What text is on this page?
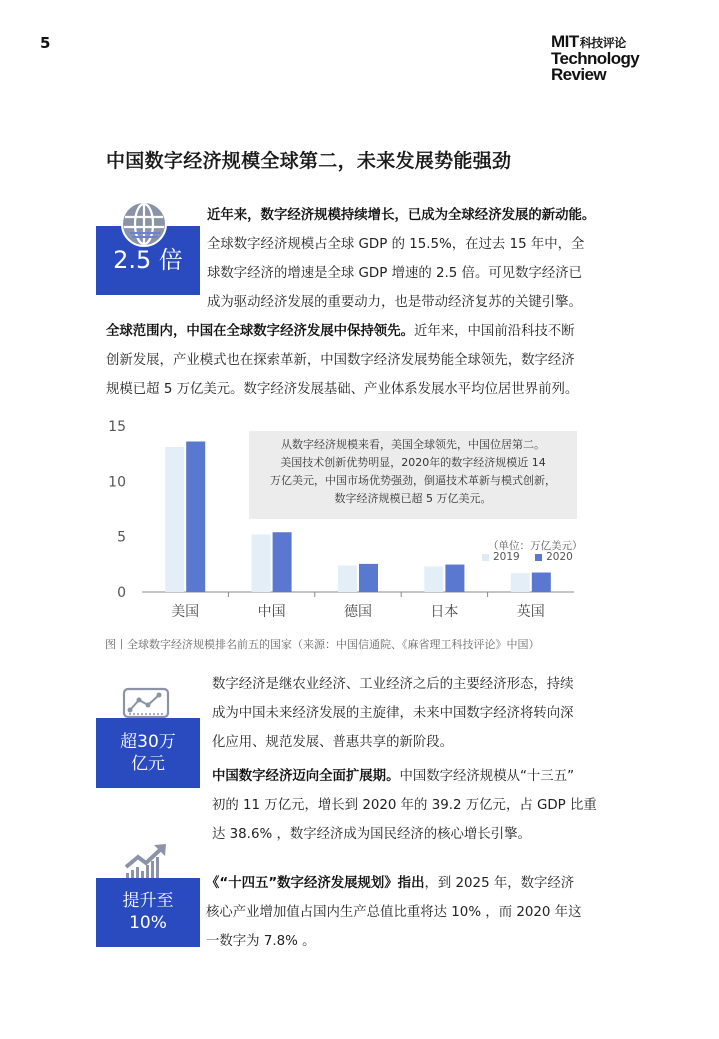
5	MIT科技评论
Technology
Review
中国数字经济规模全球第二，未来发展势能强劲
2.5 倍
近年来，数字经济规模持续增长，已成为全球经济发展的新动能。
全球数字经济规模占全球 GDP 的 15.5%，在过去 15 年中，全
球数字经济的增速是全球 GDP 增速的 2.5 倍。可见数字经济已
成为驱动经济发展的重要动力，也是带动经济复苏的关键引擎。
全球范围内，中国在全球数字经济发展中保持领先。近年来，中国前沿科技不断
创新发展，产业模式也在探索革新，中国数字经济发展势能全球领先，数字经济
规模已超 5 万亿美元。数字经济发展基础、产业体系发展水平均位居世界前列。
0
5
10
15
美国	中国	德国	日本	英国
从数字经济规模来看，美国全球领先，中国位居第二。
美国技术创新优势明显，2020年的数字经济规模近 14
万亿美元，中国市场优势强劲，倒逼技术革新与模式创新，
数字经济规模已超 5 万亿美元。
（单位：万亿美元）
2019	2020
图丨全球数字经济规模排名前五的国家（来源：中国信通院、《麻省理工科技评论》中国）
超30万
亿元
数字经济是继农业经济、工业经济之后的主要经济形态，持续
成为中国未来经济发展的主旋律，未来中国数字经济将转向深
化应用、规范发展、普惠共享的新阶段。
中国数字经济迈向全面扩展期。中国数字经济规模从“十三五”
初的 11 万亿元，增长到 2020 年的 39.2 万亿元，占 GDP 比重
达 38.6% ，数字经济成为国民经济的核心增长引擎。
提升至
10%
《“十四五”数字经济发展规划》指出，到 2025 年，数字经济
核心产业增加值占国内生产总值比重将达 10% ，而 2020 年这
一数字为 7.8% 。
